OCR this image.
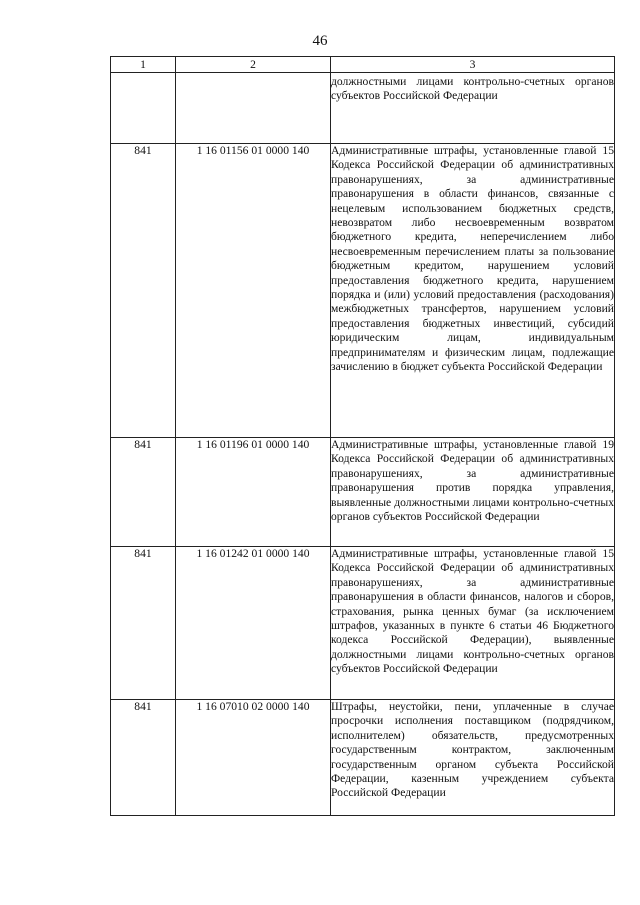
46
1	2	3
		должностными лицами контрольно-счетных органов субъектов Российской Федерации
841	1 16 01156 01 0000 140	Административные штрафы, установленные главой 15 Кодекса Российской Федерации об административных правонарушениях, за административные правонарушения в области финансов, связанные с нецелевым использованием бюджетных средств, невозвратом либо несвоевременным возвратом бюджетного кредита, неперечислением либо несвоевременным перечислением платы за пользование бюджетным кредитом, нарушением условий предоставления бюджетного кредита, нарушением порядка и (или) условий предоставления (расходования) межбюджетных трансфертов, нарушением условий предоставления бюджетных инвестиций, субсидий юридическим лицам, индивидуальным предпринимателям и физическим лицам, подлежащие зачислению в бюджет субъекта Российской Федерации
841	1 16 01196 01 0000 140	Административные штрафы, установленные главой 19 Кодекса Российской Федерации об административных правонарушениях, за административные правонарушения против порядка управления, выявленные должностными лицами контрольно-счетных органов субъектов Российской Федерации
841	1 16 01242 01 0000 140	Административные штрафы, установленные главой 15 Кодекса Российской Федерации об административных правонарушениях, за административные правонарушения в области финансов, налогов и сборов, страхования, рынка ценных бумаг (за исключением штрафов, указанных в пункте 6 статьи 46 Бюджетного кодекса Российской Федерации), выявленные должностными лицами контрольно-счетных органов субъектов Российской Федерации
841	1 16 07010 02 0000 140	Штрафы, неустойки, пени, уплаченные в случае просрочки исполнения поставщиком (подрядчиком, исполнителем) обязательств, предусмотренных государственным контрактом, заключенным государственным органом субъекта Российской Федерации, казенным учреждением субъекта Российской Федерации
